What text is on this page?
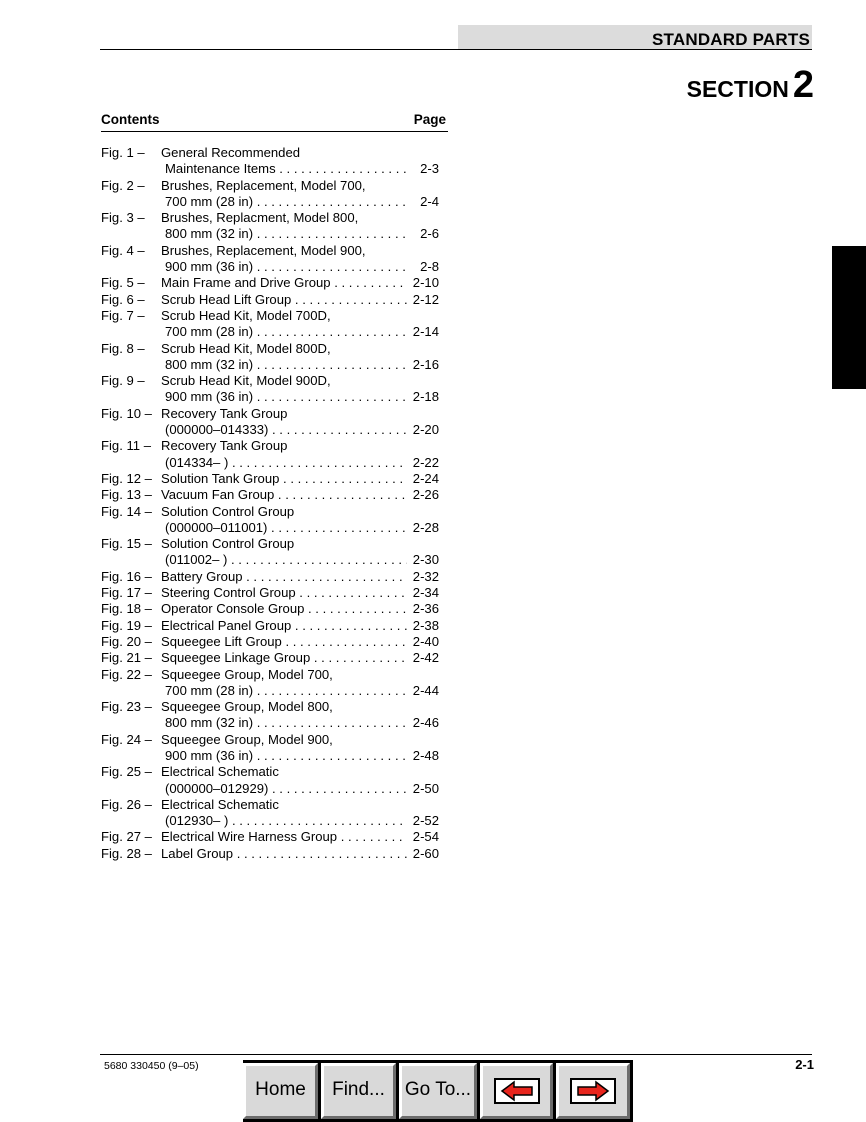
STANDARD PARTS
SECTION 2
Contents	Page
Fig. 1 – General Recommended
Maintenance Items . . .	2-3
Fig. 2 – Brushes, Replacement, Model 700,
700 mm (28 in) . . .	2-4
Fig. 3 – Brushes, Replacment, Model 800,
800 mm (32 in) . . .	2-6
Fig. 4 – Brushes, Replacement, Model 900,
900 mm (36 in) . . .	2-8
Fig. 5 – Main Frame and Drive Group . . .	2-10
Fig. 6 – Scrub Head Lift Group . . .	2-12
Fig. 7 – Scrub Head Kit, Model 700D,
700 mm (28 in) . . .	2-14
Fig. 8 – Scrub Head Kit, Model 800D,
800 mm (32 in) . . .	2-16
Fig. 9 – Scrub Head Kit, Model 900D,
900 mm (36 in) . . .	2-18
Fig. 10 – Recovery Tank Group
(000000–014333) . . .	2-20
Fig. 11 – Recovery Tank Group
(014334– ) . . .	2-22
Fig. 12 – Solution Tank Group . . .	2-24
Fig. 13 – Vacuum Fan Group . . .	2-26
Fig. 14 – Solution Control Group
(000000–011001) . . .	2-28
Fig. 15 – Solution Control Group
(011002– ) . . .	2-30
Fig. 16 – Battery Group . . .	2-32
Fig. 17 – Steering Control Group . . .	2-34
Fig. 18 – Operator Console Group . . .	2-36
Fig. 19 – Electrical Panel Group . . .	2-38
Fig. 20 – Squeegee Lift Group . . .	2-40
Fig. 21 – Squeegee Linkage Group . . .	2-42
Fig. 22 – Squeegee Group, Model 700,
700 mm (28 in) . . .	2-44
Fig. 23 – Squeegee Group, Model 800,
800 mm (32 in) . . .	2-46
Fig. 24 – Squeegee Group, Model 900,
900 mm (36 in) . . .	2-48
Fig. 25 – Electrical Schematic
(000000–012929) . . .	2-50
Fig. 26 – Electrical Schematic
(012930– ) . . .	2-52
Fig. 27 – Electrical Wire Harness Group . . .	2-54
Fig. 28 – Label Group . . .	2-60
5680 330450 (9–05)	2-1
Home	Find...	Go To...
